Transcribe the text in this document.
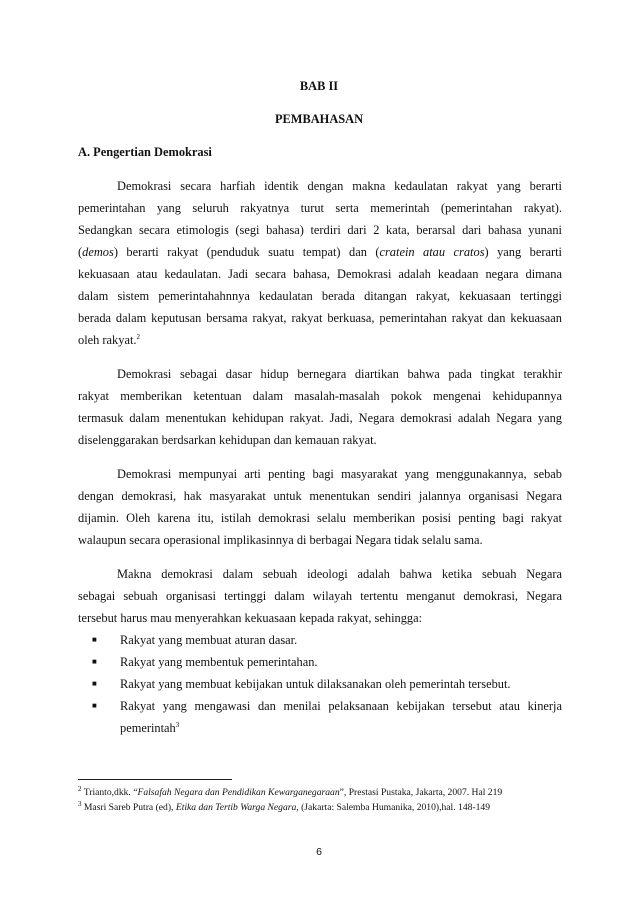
BAB II
PEMBAHASAN
A. Pengertian Demokrasi
Demokrasi secara harfiah identik dengan makna kedaulatan rakyat yang berarti
pemerintahan yang seluruh rakyatnya turut serta memerintah (pemerintahan rakyat).
Sedangkan secara etimologis (segi bahasa) terdiri dari 2 kata, berarsal dari bahasa yunani
(demos) berarti rakyat (penduduk suatu tempat) dan (cratein atau cratos) yang berarti
kekuasaan atau kedaulatan. Jadi secara bahasa, Demokrasi adalah keadaan negara dimana
dalam sistem pemerintahahnnya kedaulatan berada ditangan rakyat, kekuasaan tertinggi
berada dalam keputusan bersama rakyat, rakyat berkuasa, pemerintahan rakyat dan kekuasaan
oleh rakyat.$^2$
Demokrasi sebagai dasar hidup bernegara diartikan bahwa pada tingkat terakhir
rakyat memberikan ketentuan dalam masalah-masalah pokok mengenai kehidupannya
termasuk dalam menentukan kehidupan rakyat. Jadi, Negara demokrasi adalah Negara yang
diselenggarakan berdsarkan kehidupan dan kemauan rakyat.
Demokrasi mempunyai arti penting bagi masyarakat yang menggunakannya, sebab
dengan demokrasi, hak masyarakat untuk menentukan sendiri jalannya organisasi Negara
dijamin. Oleh karena itu, istilah demokrasi selalu memberikan posisi penting bagi rakyat
walaupun secara operasional implikasinnya di berbagai Negara tidak selalu sama.
Makna demokrasi dalam sebuah ideologi adalah bahwa ketika sebuah Negara
sebagai sebuah organisasi tertinggi dalam wilayah tertentu menganut demokrasi, Negara
tersebut harus mau menyerahkan kekuasaan kepada rakyat, sehingga:
■ Rakyat yang membuat aturan dasar.
■ Rakyat yang membentuk pemerintahan.
■ Rakyat yang membuat kebijakan untuk dilaksanakan oleh pemerintah tersebut.
■ Rakyat yang mengawasi dan menilai pelaksanaan kebijakan tersebut atau kinerja
pemerintah$^3$
$^2$ Trianto,dkk. “Falsafah Negara dan Pendidikan Kewarganegaraan”, Prestasi Pustaka, Jakarta, 2007. Hal 219
$^3$ Masri Sareb Putra (ed), Etika dan Tertib Warga Negara, (Jakarta: Salemba Humanika, 2010),hal. 148-149
6
